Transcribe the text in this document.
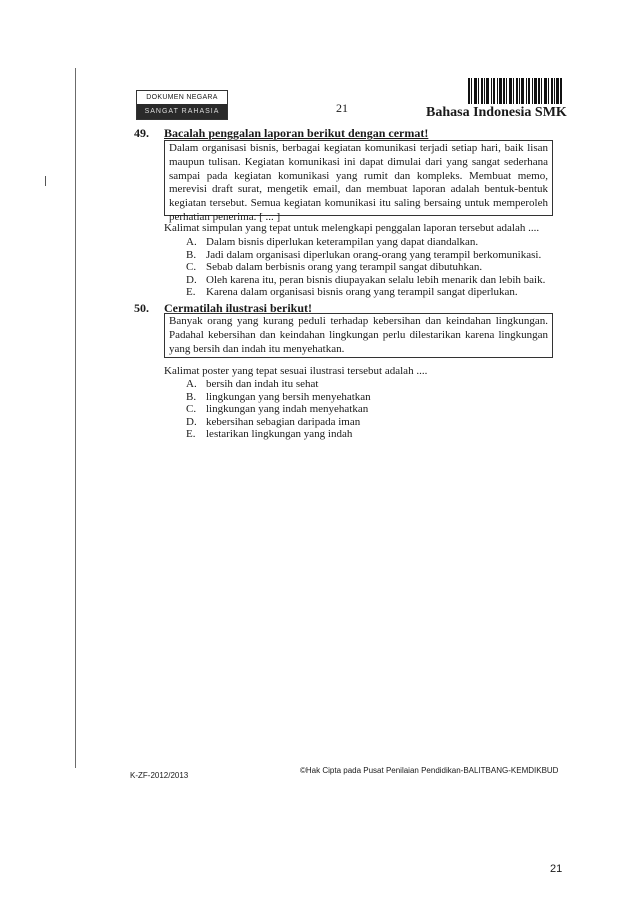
DOKUMEN NEGARA
SANGAT RAHASIA	21	Bahasa Indonesia SMK
49. Bacalah penggalan laporan berikut dengan cermat!
Dalam organisasi bisnis, berbagai kegiatan komunikasi terjadi setiap hari, baik lisan maupun tulisan. Kegiatan komunikasi ini dapat dimulai dari yang sangat sederhana sampai pada kegiatan komunikasi yang rumit dan kompleks. Membuat memo, merevisi draft surat, mengetik email, dan membuat laporan adalah bentuk-bentuk kegiatan tersebut. Semua kegiatan komunikasi itu saling bersaing untuk memperoleh perhatian penerima. [ ... ]
Kalimat simpulan yang tepat untuk melengkapi penggalan laporan tersebut adalah ....
A. Dalam bisnis diperlukan keterampilan yang dapat diandalkan.
B. Jadi dalam organisasi diperlukan orang-orang yang terampil berkomunikasi.
C. Sebab dalam berbisnis orang yang terampil sangat dibutuhkan.
D. Oleh karena itu, peran bisnis diupayakan selalu lebih menarik dan lebih baik.
E. Karena dalam organisasi bisnis orang yang terampil sangat diperlukan.
50. Cermatilah ilustrasi berikut!
Banyak orang yang kurang peduli terhadap kebersihan dan keindahan lingkungan. Padahal kebersihan dan keindahan lingkungan perlu dilestarikan karena lingkungan yang bersih dan indah itu menyehatkan.
Kalimat poster yang tepat sesuai ilustrasi tersebut adalah ....
A. bersih dan indah itu sehat
B. lingkungan yang bersih menyehatkan
C. lingkungan yang indah menyehatkan
D. kebersihan sebagian daripada iman
E. lestarikan lingkungan yang indah
K-ZF-2012/2013
©Hak Cipta pada Pusat Penilaian Pendidikan-BALITBANG-KEMDIKBUD
21
